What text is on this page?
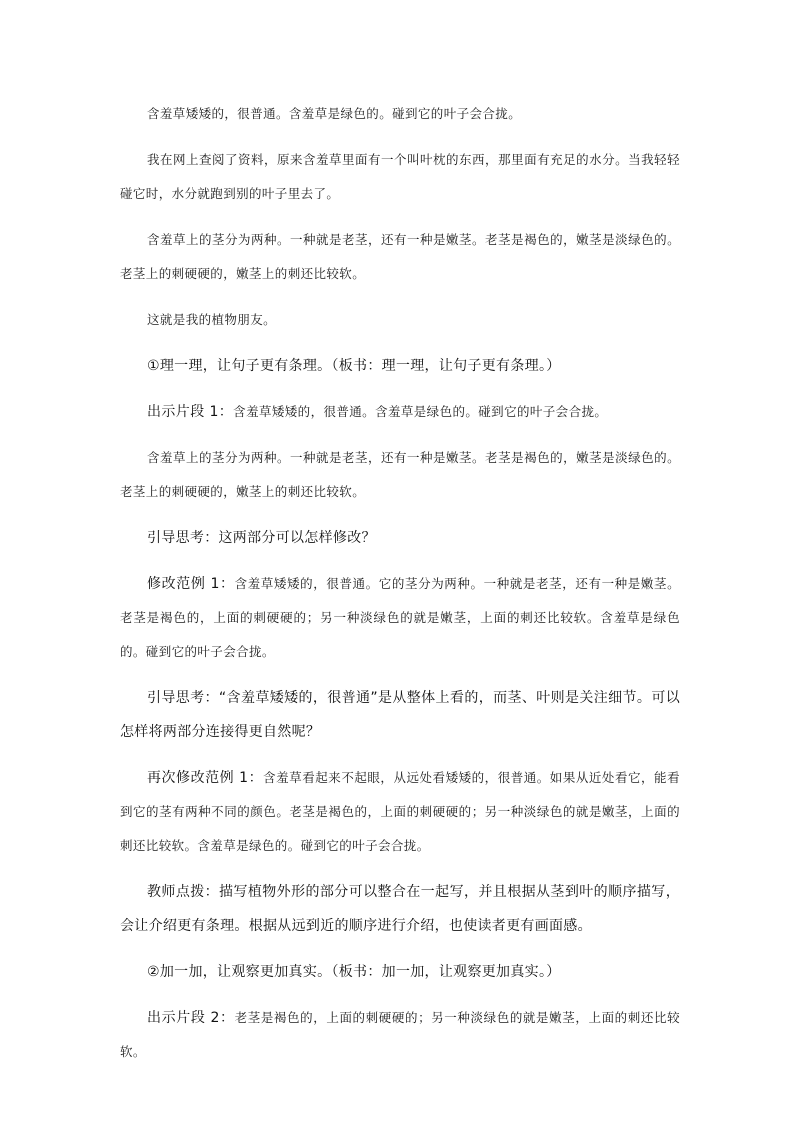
含羞草矮矮的，很普通。含羞草是绿色的。碰到它的叶子会合拢。

我在网上查阅了资料，原来含羞草里面有一个叫叶枕的东西，那里面有充足的水分。当我轻轻碰它时，水分就跑到别的叶子里去了。

含羞草上的茎分为两种。一种就是老茎，还有一种是嫩茎。老茎是褐色的，嫩茎是淡绿色的。老茎上的刺硬硬的，嫩茎上的刺还比较软。

这就是我的植物朋友。

①理一理，让句子更有条理。（板书：理一理，让句子更有条理。）

出示片段 1：含羞草矮矮的，很普通。含羞草是绿色的。碰到它的叶子会合拢。

含羞草上的茎分为两种。一种就是老茎，还有一种是嫩茎。老茎是褐色的，嫩茎是淡绿色的。老茎上的刺硬硬的，嫩茎上的刺还比较软。

引导思考：这两部分可以怎样修改？

修改范例 1：含羞草矮矮的，很普通。它的茎分为两种。一种就是老茎，还有一种是嫩茎。老茎是褐色的，上面的刺硬硬的；另一种淡绿色的就是嫩茎，上面的刺还比较软。含羞草是绿色的。碰到它的叶子会合拢。

引导思考：“含羞草矮矮的，很普通”是从整体上看的，而茎、叶则是关注细节。可以怎样将两部分连接得更自然呢？

再次修改范例 1：含羞草看起来不起眼，从远处看矮矮的，很普通。如果从近处看它，能看到它的茎有两种不同的颜色。老茎是褐色的，上面的刺硬硬的；另一种淡绿色的就是嫩茎，上面的刺还比较软。含羞草是绿色的。碰到它的叶子会合拢。

教师点拨：描写植物外形的部分可以整合在一起写，并且根据从茎到叶的顺序描写，会让介绍更有条理。根据从远到近的顺序进行介绍，也使读者更有画面感。

②加一加，让观察更加真实。（板书：加一加，让观察更加真实。）

出示片段 2：老茎是褐色的，上面的刺硬硬的；另一种淡绿色的就是嫩茎，上面的刺还比较软。
